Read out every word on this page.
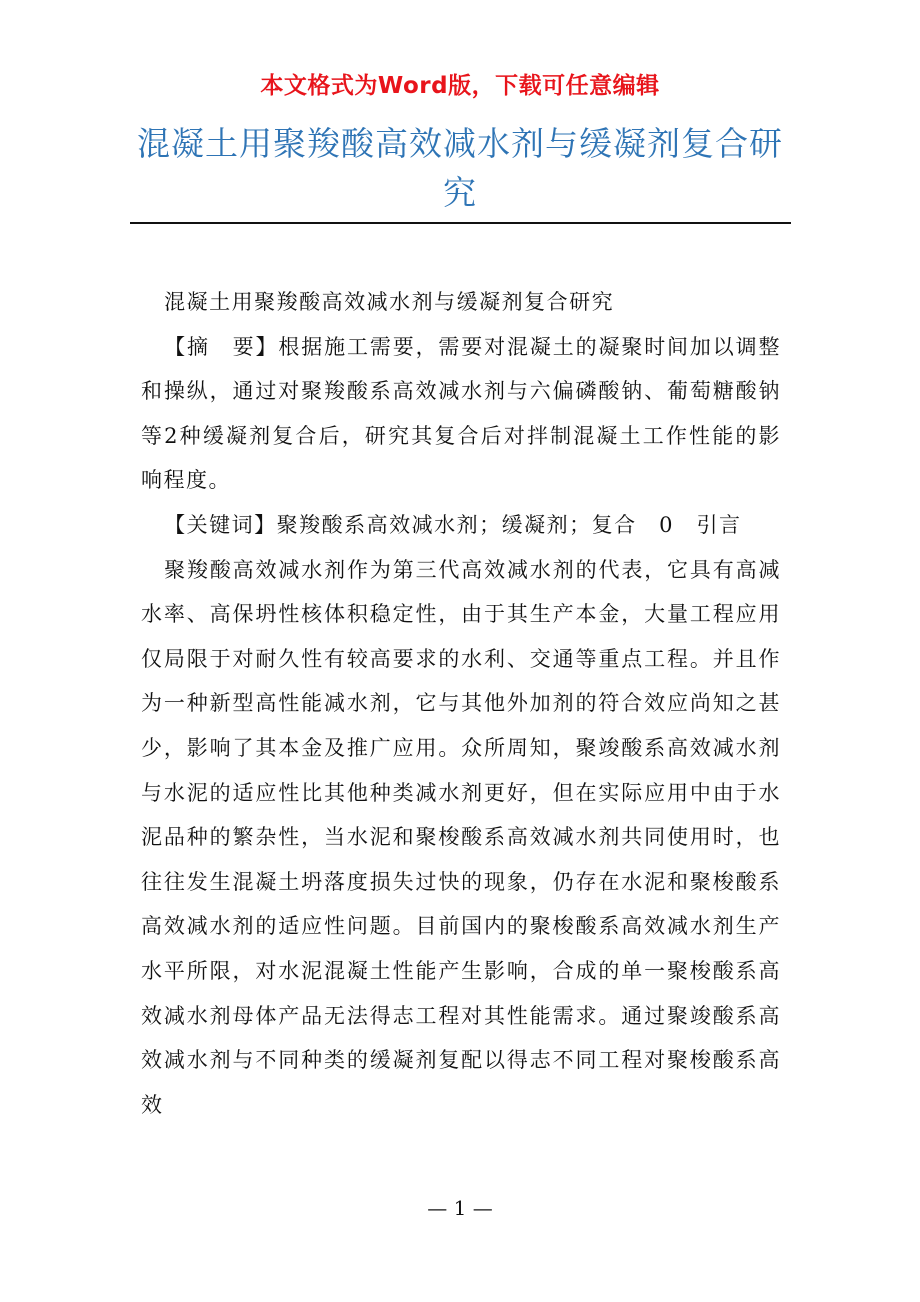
本文格式为Word版，下载可任意编辑
混凝土用聚羧酸高效减水剂与缓凝剂复合研究

混凝土用聚羧酸高效减水剂与缓凝剂复合研究

【摘　要】根据施工需要，需要对混凝土的凝聚时间加以调整和操纵，通过对聚羧酸系高效减水剂与六偏磷酸钠、葡萄糖酸钠等2种缓凝剂复合后，研究其复合后对拌制混凝土工作性能的影响程度。

【关键词】聚羧酸系高效减水剂；缓凝剂；复合　0　引言

聚羧酸高效减水剂作为第三代高效减水剂的代表，它具有高减水率、高保坍性核体积稳定性，由于其生产本金，大量工程应用仅局限于对耐久性有较高要求的水利、交通等重点工程。并且作为一种新型高性能减水剂，它与其他外加剂的符合效应尚知之甚少，影响了其本金及推广应用。众所周知，聚竣酸系高效减水剂与水泥的适应性比其他种类减水剂更好，但在实际应用中由于水泥品种的繁杂性，当水泥和聚梭酸系高效减水剂共同使用时，也往往发生混凝土坍落度损失过快的现象，仍存在水泥和聚梭酸系高效减水剂的适应性问题。目前国内的聚梭酸系高效减水剂生产水平所限，对水泥混凝土性能产生影响，合成的单一聚梭酸系高效减水剂母体产品无法得志工程对其性能需求。通过聚竣酸系高效减水剂与不同种类的缓凝剂复配以得志不同工程对聚梭酸系高效

— 1 —
